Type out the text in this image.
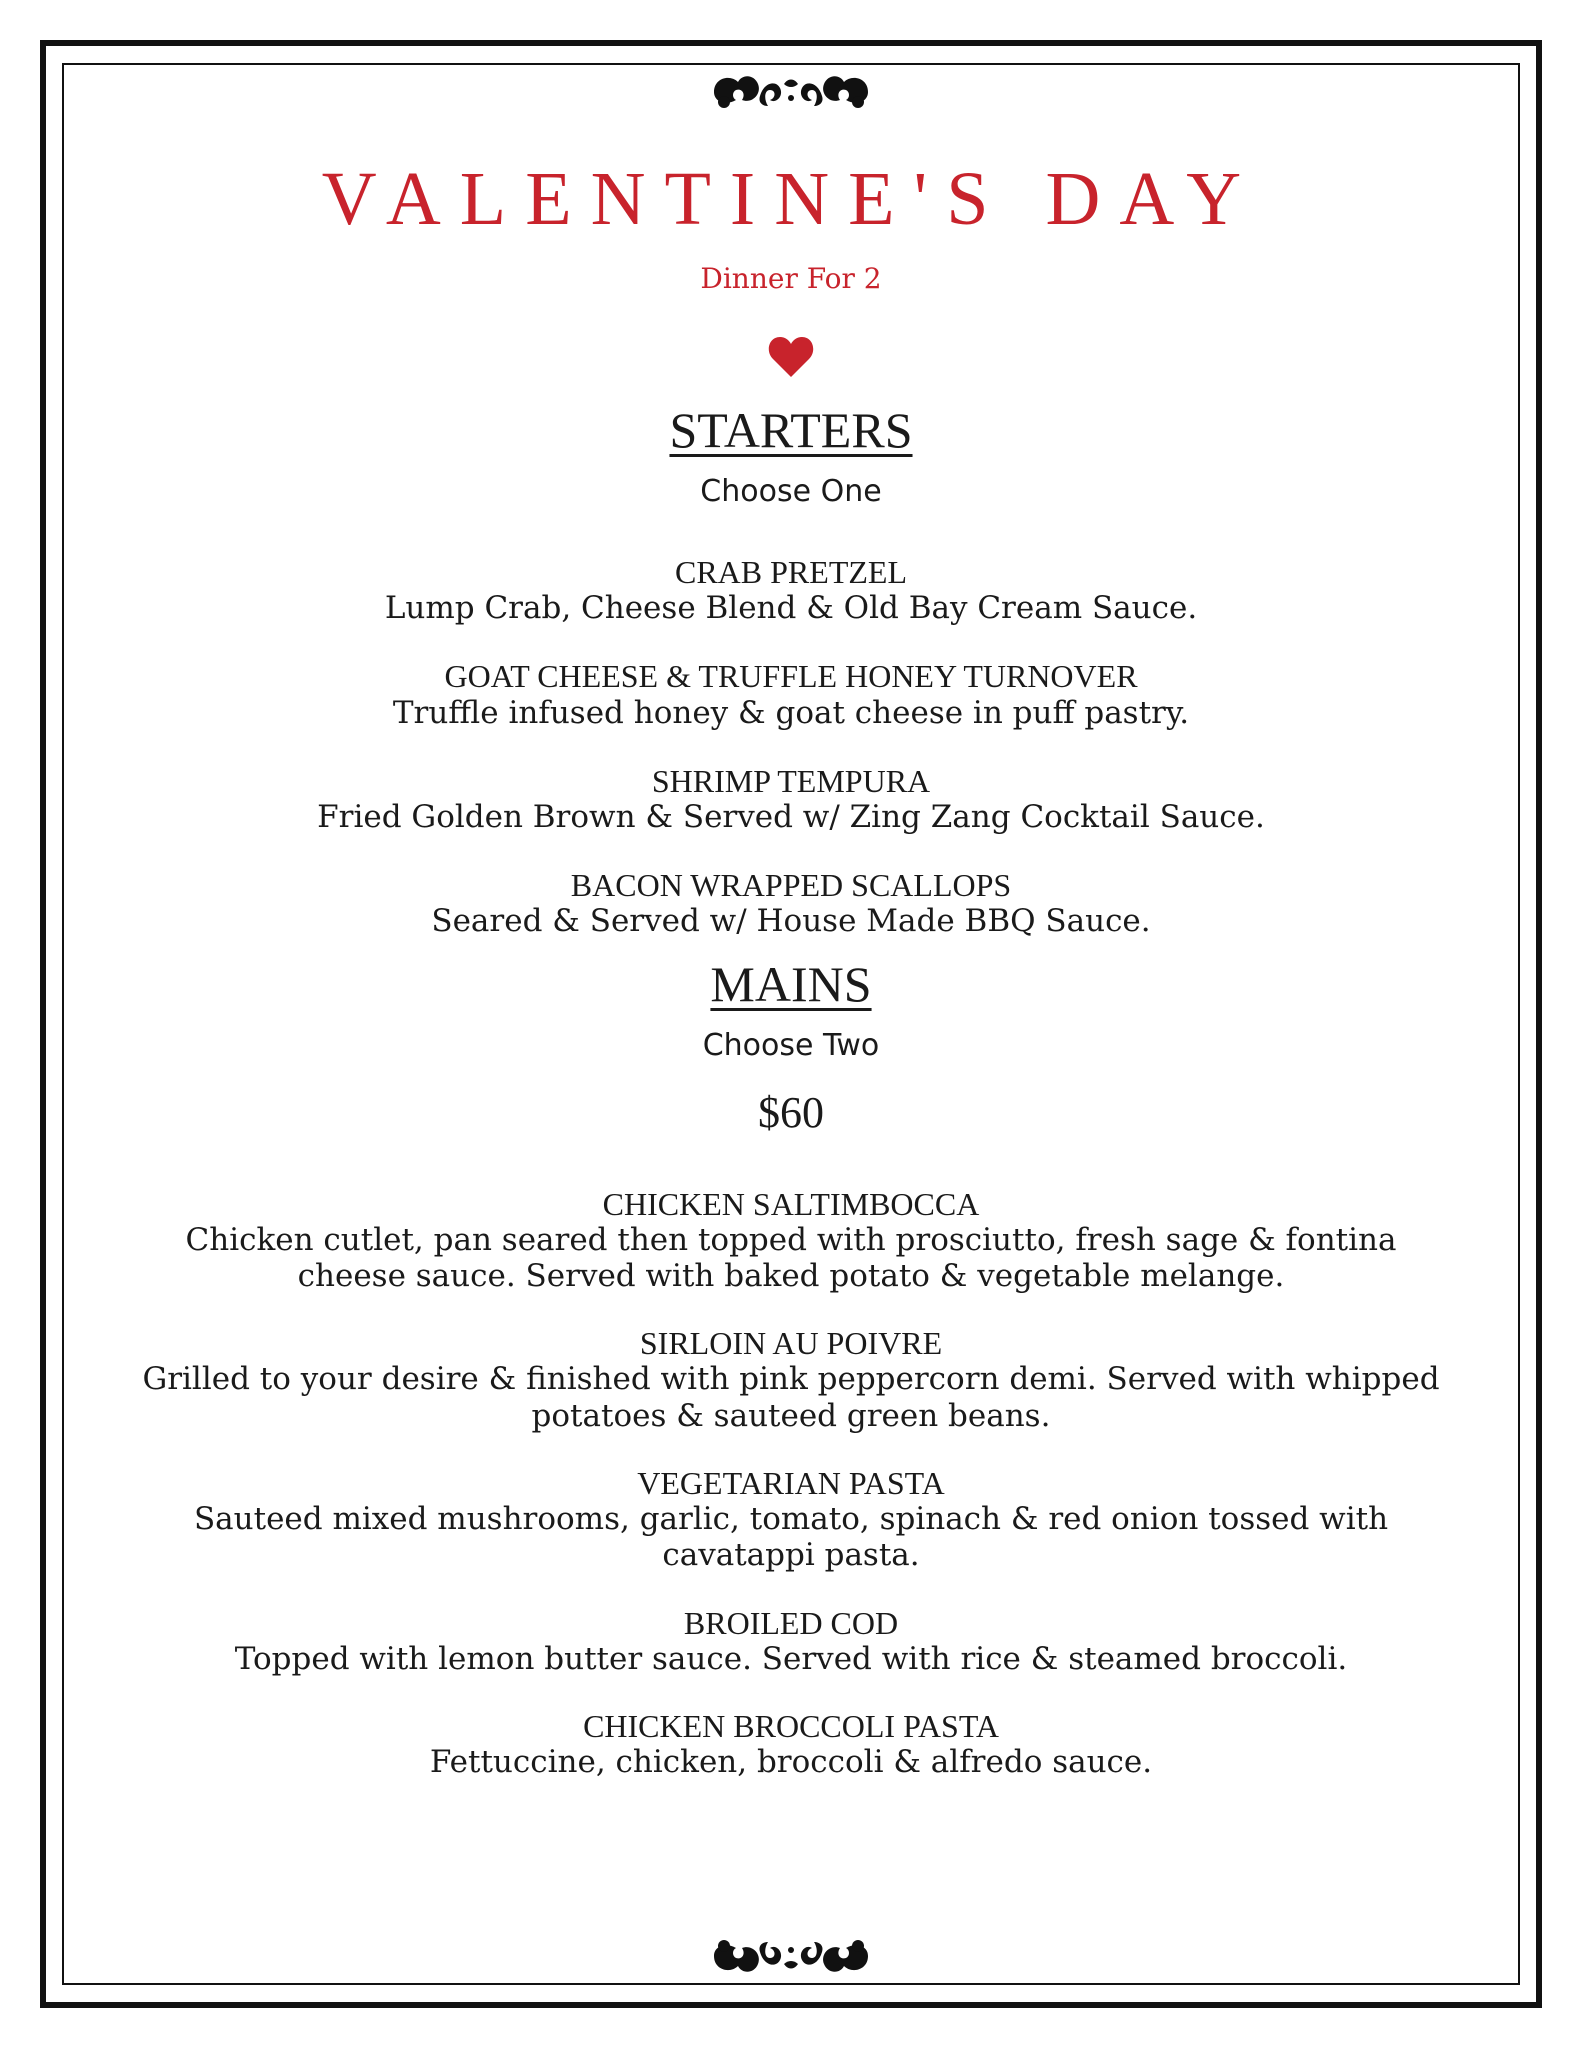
VALENTINE'S DAY
Dinner For 2
STARTERS
Choose One
CRAB PRETZEL
Lump Crab, Cheese Blend & Old Bay Cream Sauce.
GOAT CHEESE & TRUFFLE HONEY TURNOVER
Truffle infused honey & goat cheese in puff pastry.
SHRIMP TEMPURA
Fried Golden Brown & Served w/ Zing Zang Cocktail Sauce.
BACON WRAPPED SCALLOPS
Seared & Served w/ House Made BBQ Sauce.
MAINS
Choose Two
$60
CHICKEN SALTIMBOCCA
Chicken cutlet, pan seared then topped with prosciutto, fresh sage & fontina cheese sauce. Served with baked potato & vegetable melange.
SIRLOIN AU POIVRE
Grilled to your desire & finished with pink peppercorn demi. Served with whipped potatoes & sauteed green beans.
VEGETARIAN PASTA
Sauteed mixed mushrooms, garlic, tomato, spinach & red onion tossed with cavatappi pasta.
BROILED COD
Topped with lemon butter sauce. Served with rice & steamed broccoli.
CHICKEN BROCCOLI PASTA
Fettuccine, chicken, broccoli & alfredo sauce.
